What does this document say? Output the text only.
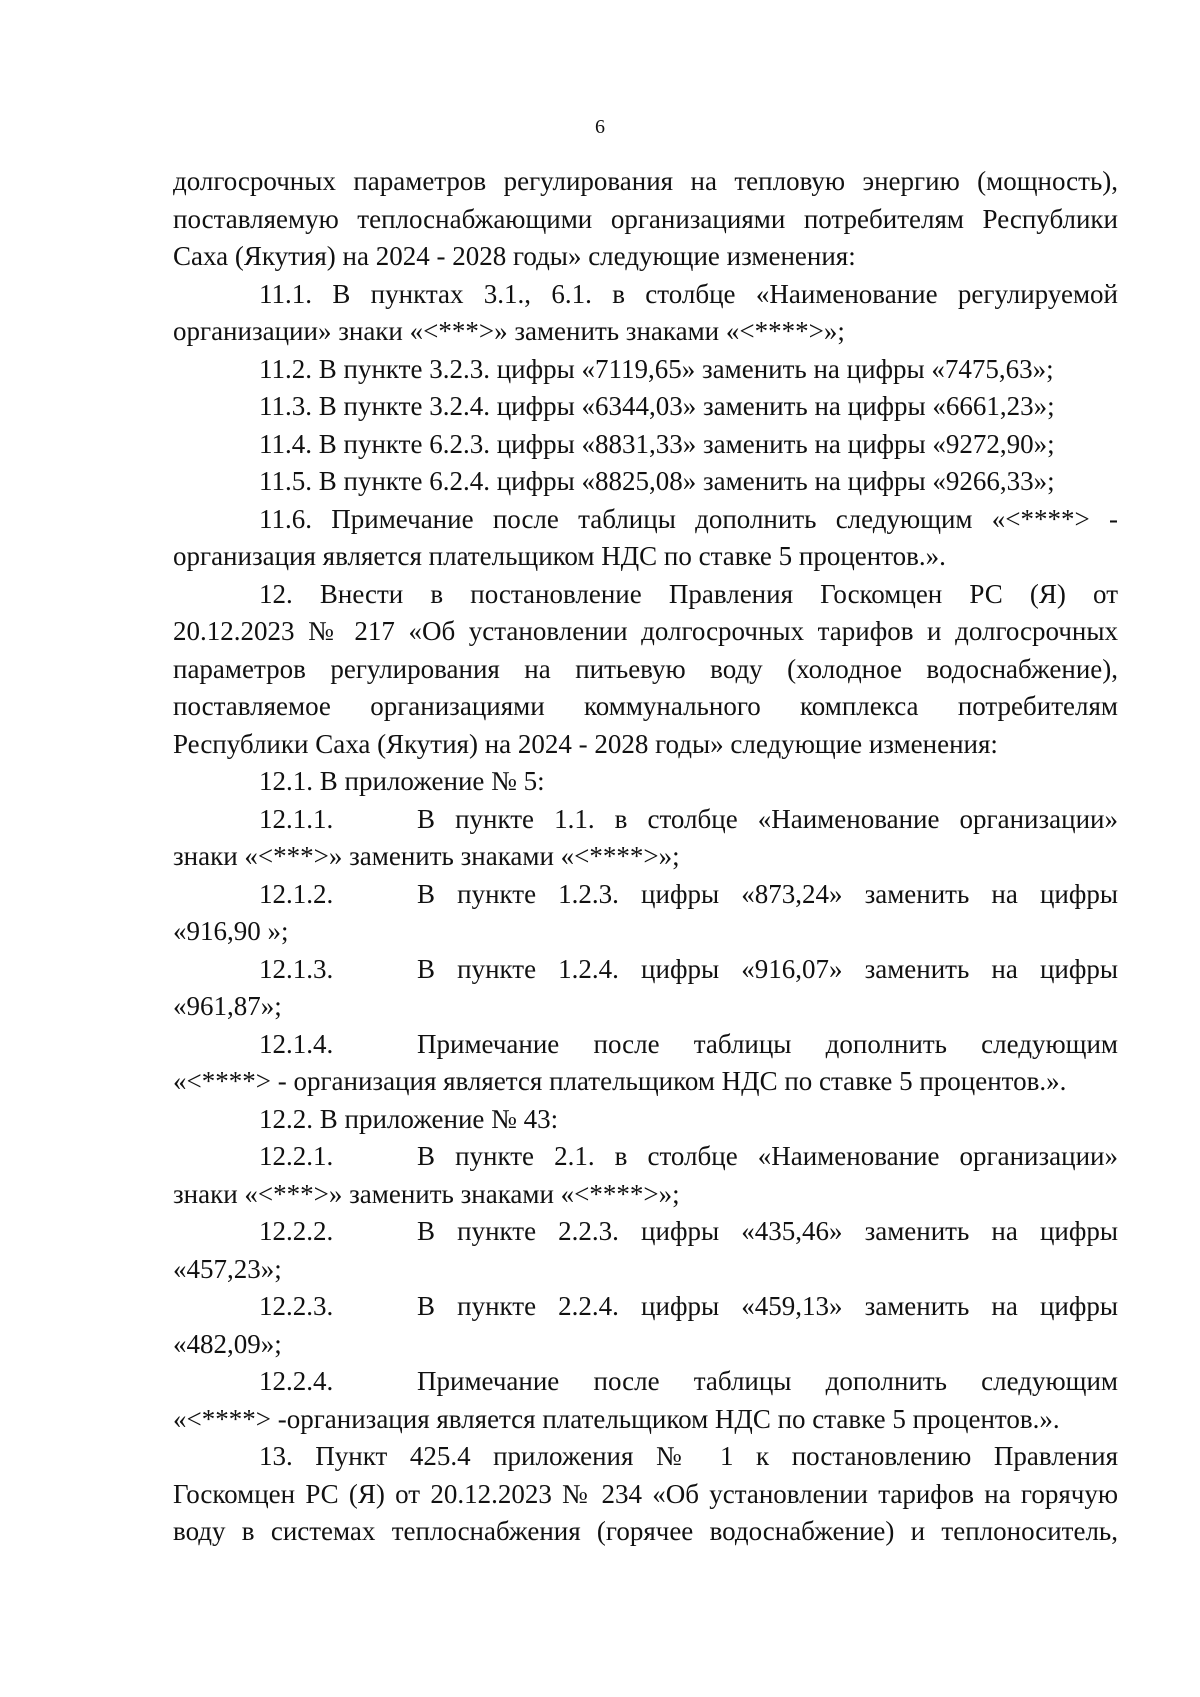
6
долгосрочных параметров регулирования на тепловую энергию (мощность),
поставляемую теплоснабжающими организациями потребителям Республики
Саха (Якутия) на 2024 - 2028 годы» следующие изменения:
11.1. В пунктах 3.1., 6.1. в столбце «Наименование регулируемой
организации» знаки «<***>» заменить знаками «<****>»;
11.2. В пункте 3.2.3. цифры «7119,65» заменить на цифры «7475,63»;
11.3. В пункте 3.2.4. цифры «6344,03» заменить на цифры «6661,23»;
11.4. В пункте 6.2.3. цифры «8831,33» заменить на цифры «9272,90»;
11.5. В пункте 6.2.4. цифры «8825,08» заменить на цифры «9266,33»;
11.6. Примечание после таблицы дополнить следующим «<****> -
организация является плательщиком НДС по ставке 5 процентов.».
12. Внести в постановление Правления Госкомцен РС (Я) от
20.12.2023 № 217 «Об установлении долгосрочных тарифов и долгосрочных
параметров регулирования на питьевую воду (холодное водоснабжение),
поставляемое организациями коммунального комплекса потребителям
Республики Саха (Якутия) на 2024 - 2028 годы» следующие изменения:
12.1. В приложение № 5:
12.1.1.	В пункте 1.1. в столбце «Наименование организации»
знаки «<***>» заменить знаками «<****>»;
12.1.2.	В пункте 1.2.3. цифры «873,24» заменить на цифры
«916,90 »;
12.1.3.	В пункте 1.2.4. цифры «916,07» заменить на цифры
«961,87»;
12.1.4.	Примечание после таблицы дополнить следующим
«<****> - организация является плательщиком НДС по ставке 5 процентов.».
12.2. В приложение № 43:
12.2.1.	В пункте 2.1. в столбце «Наименование организации»
знаки «<***>» заменить знаками «<****>»;
12.2.2.	В пункте 2.2.3. цифры «435,46» заменить на цифры
«457,23»;
12.2.3.	В пункте 2.2.4. цифры «459,13» заменить на цифры
«482,09»;
12.2.4.	Примечание после таблицы дополнить следующим
«<****> -организация является плательщиком НДС по ставке 5 процентов.».
13. Пункт 425.4 приложения № 1 к постановлению Правления
Госкомцен РС (Я) от 20.12.2023 № 234 «Об установлении тарифов на горячую
воду в системах теплоснабжения (горячее водоснабжение) и теплоноситель,
